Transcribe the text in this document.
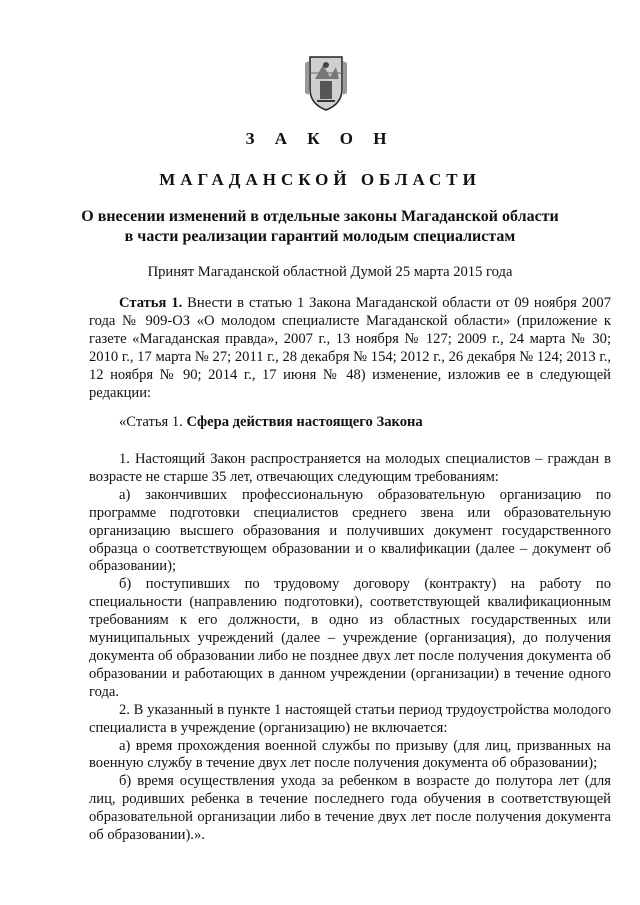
З А К О Н
МАГАДАНСКОЙ ОБЛАСТИ
О внесении изменений в отдельные законы Магаданской области
в части реализации гарантий молодым специалистам
Принят Магаданской областной Думой 25 марта 2015 года

Статья 1. Внести в статью 1 Закона Магаданской области от 09 ноября 2007 года № 909-ОЗ «О молодом специалисте Магаданской области» (приложение к газете «Магаданская правда», 2007 г., 13 ноября № 127; 2009 г., 24 марта № 30; 2010 г., 17 марта № 27; 2011 г., 28 декабря № 154; 2012 г., 26 декабря № 124; 2013 г., 12 ноября № 90; 2014 г., 17 июня № 48) изменение, изложив ее в следующей редакции:

«Статья 1. Сфера действия настоящего Закона

1. Настоящий Закон распространяется на молодых специалистов – граждан в возрасте не старше 35 лет, отвечающих следующим требованиям:

а) закончивших профессиональную образовательную организацию по программе подготовки специалистов среднего звена или образовательную организацию высшего образования и получивших документ государственного образца о соответствующем образовании и о квалификации (далее – документ об образовании);

б) поступивших по трудовому договору (контракту) на работу по специальности (направлению подготовки), соответствующей квалификационным требованиям к его должности, в одно из областных государственных или муниципальных учреждений (далее – учреждение (организация), до получения документа об образовании либо не позднее двух лет после получения документа об образовании и работающих в данном учреждении (организации) в течение одного года.

2. В указанный в пункте 1 настоящей статьи период трудоустройства молодого специалиста в учреждение (организацию) не включается:

а) время прохождения военной службы по призыву (для лиц, призванных на военную службу в течение двух лет после получения документа об образовании);

б) время осуществления ухода за ребенком в возрасте до полутора лет (для лиц, родивших ребенка в течение последнего года обучения в соответствующей образовательной организации либо в течение двух лет после получения документа об образовании).».
